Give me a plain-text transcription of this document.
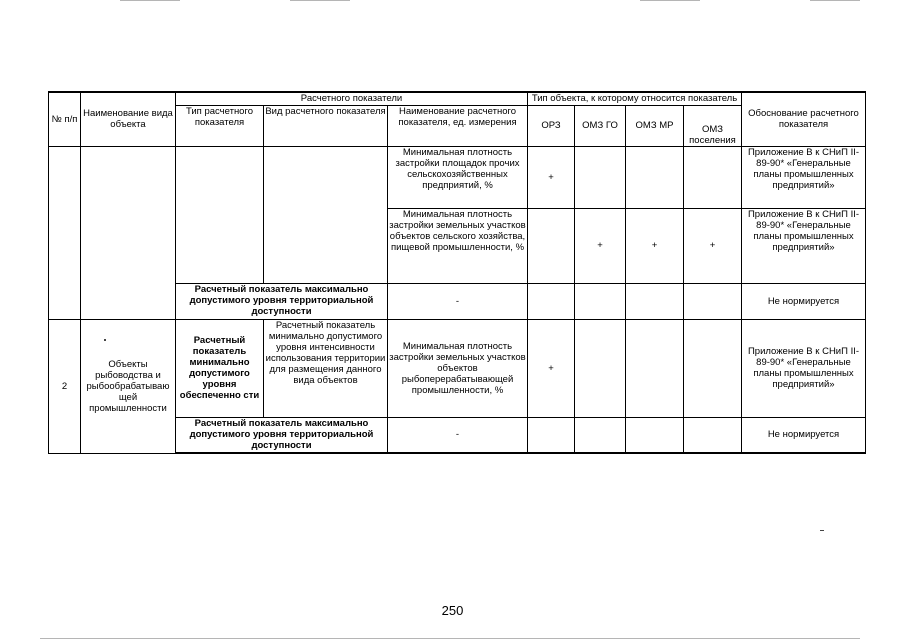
№ п/п	Наименование вида объекта	Расчетного показатели			Тип объекта, к которому относится показатель				Обоснование расчетного показателя
		Тип расчетного показателя	Вид расчетного показателя	Наименование расчетного показателя, ед. измерения	ОРЗ	ОМЗ ГО	ОМЗ МР	ОМЗ поселения	
				Минимальная плотность застройки площадок прочих сельскохозяйственных предприятий, %	+				Приложение В к СНиП II-89-90* «Генеральные планы промышленных предприятий»
				Минимальная плотность застройки земельных участков объектов сельского хозяйства, пищевой промышленности, %		+	+	+	Приложение В к СНиП II-89-90* «Генеральные планы промышленных предприятий»
		Расчетный показатель максимально допустимого уровня территориальной доступности		-					Не нормируется
2	Объекты рыбоводства и рыбообрабатываю щей промышленности	Расчетный показатель минимально допустимого уровня обеспеченно сти	Расчетный показатель минимально допустимого уровня интенсивности использования территории для размещения данного вида объектов	Минимальная плотность застройки земельных участков объектов рыбоперерабатывающей промышленности, %	+				Приложение В к СНиП II-89-90* «Генеральные планы промышленных предприятий»
		Расчетный показатель максимально допустимого уровня территориальной доступности		-					Не нормируется
250
